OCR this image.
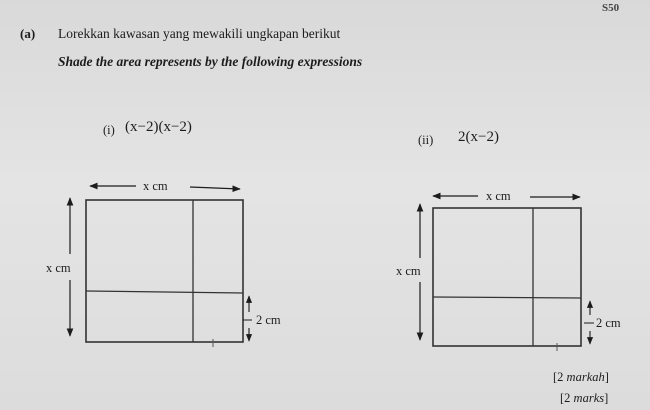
S50
(a) Lorekkan kawasan yang mewakili ungkapan berikut
Shade the area represents by the following expressions
(i) (x−2)(x−2)
(ii) 2(x−2)
x cm
x cm
2 cm
x cm
x cm
2 cm
[2 markah]
[2 marks]
